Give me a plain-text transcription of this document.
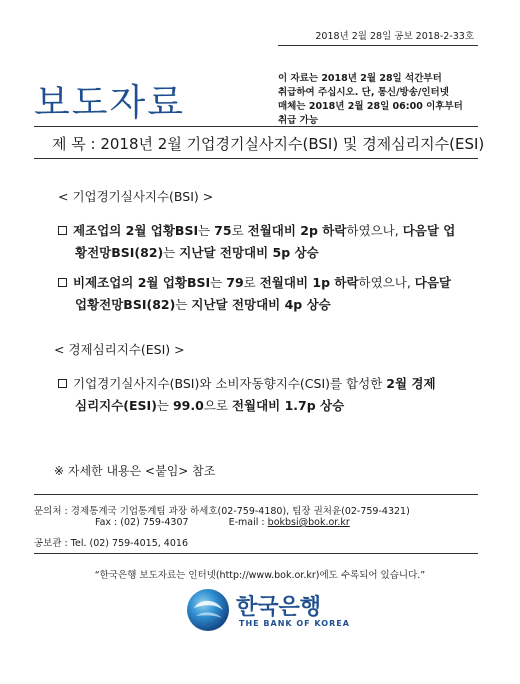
2018년 2월 28일 공보 2018-2-33호
보도자료
이 자료는 2018년 2월 28일 석간부터
취급하여 주십시오. 단, 통신/방송/인터넷
매체는 2018년 2월 28일 06:00 이후부터
취급 가능
제 목 : 2018년 2월 기업경기실사지수(BSI) 및 경제심리지수(ESI)
< 기업경기실사지수(BSI) >
제조업의 2월 업황BSI는 75로 전월대비 2p 하락하였으나, 다음달 업
황전망BSI(82)는 지난달 전망대비 5p 상승
비제조업의 2월 업황BSI는 79로 전월대비 1p 하락하였으나, 다음달
업황전망BSI(82)는 지난달 전망대비 4p 상승
< 경제심리지수(ESI) >
기업경기실사지수(BSI)와 소비자동향지수(CSI)를 합성한 2월 경제
심리지수(ESI)는 99.0으로 전월대비 1.7p 상승
※ 자세한 내용은 <붙임> 참조
문의처 : 경제통계국 기업통계팀 과장 하세호(02-759-4180), 팀장 권처윤(02-759-4321)
Fax : (02) 759-4307	E-mail : bokbsi@bok.or.kr
공보관 : Tel. (02) 759-4015, 4016
“한국은행 보도자료는 인터넷(http://www.bok.or.kr)에도 수록되어 있습니다.”
한국은행
THE BANK OF KOREA
